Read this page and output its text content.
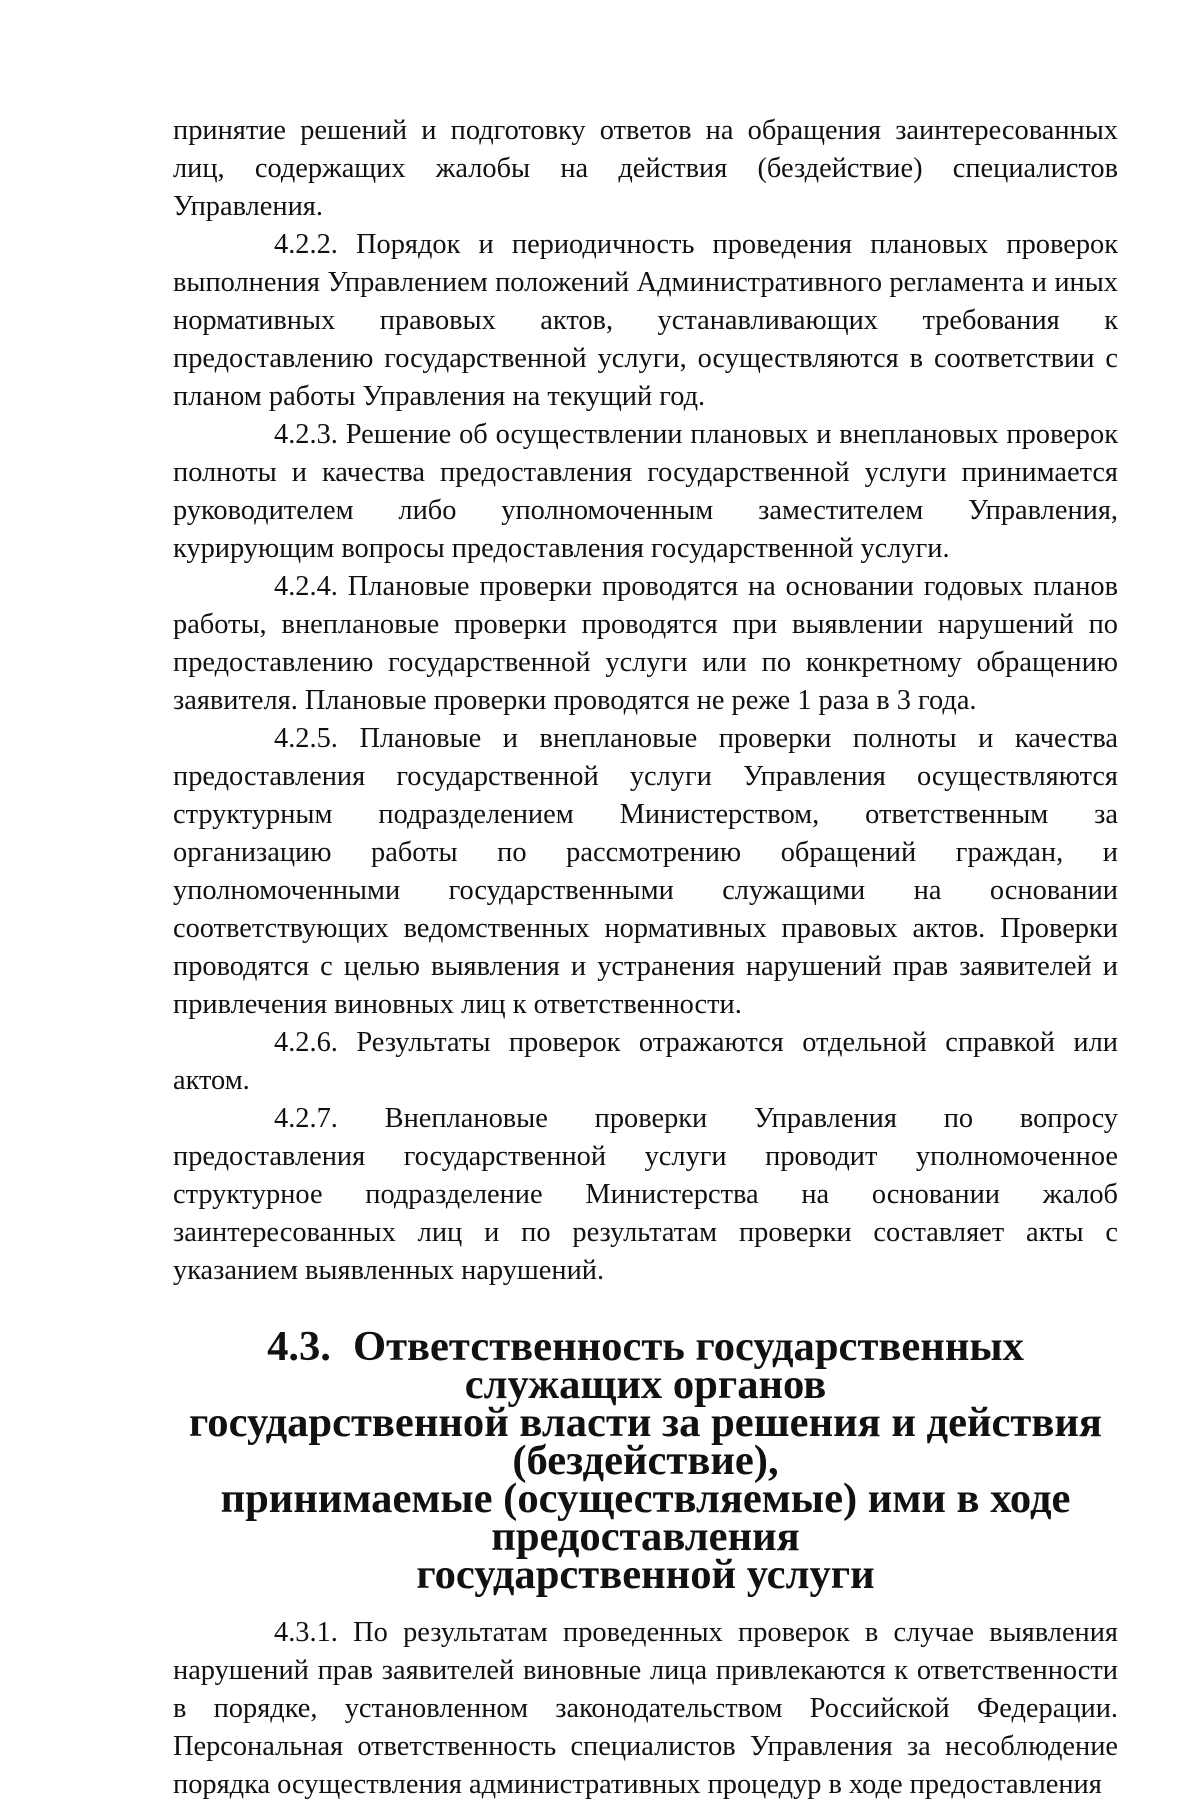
принятие решений и подготовку ответов на обращения заинтересованных лиц, содержащих жалобы на действия (бездействие) специалистов Управления.

4.2.2. Порядок и периодичность проведения плановых проверок выполнения Управлением положений Административного регламента и иных нормативных правовых актов, устанавливающих требования к предоставлению государственной услуги, осуществляются в соответствии с планом работы Управления на текущий год.

4.2.3. Решение об осуществлении плановых и внеплановых проверок полноты и качества предоставления государственной услуги принимается руководителем либо уполномоченным заместителем Управления, курирующим вопросы предоставления государственной услуги.

4.2.4. Плановые проверки проводятся на основании годовых планов работы, внеплановые проверки проводятся при выявлении нарушений по предоставлению государственной услуги или по конкретному обращению заявителя. Плановые проверки проводятся не реже 1 раза в 3 года.

4.2.5. Плановые и внеплановые проверки полноты и качества предоставления государственной услуги Управления осуществляются структурным подразделением Министерством, ответственным за организацию работы по рассмотрению обращений граждан, и уполномоченными государственными служащими на основании соответствующих ведомственных нормативных правовых актов. Проверки проводятся с целью выявления и устранения нарушений прав заявителей и привлечения виновных лиц к ответственности.

4.2.6. Результаты проверок отражаются отдельной справкой или актом.

4.2.7. Внеплановые проверки Управления по вопросу предоставления государственной услуги проводит уполномоченное структурное подразделение Министерства на основании жалоб заинтересованных лиц и по результатам проверки составляет акты с указанием выявленных нарушений.

4.3. Ответственность государственных служащих органов
государственной власти за решения и действия (бездействие),
принимаемые (осуществляемые) ими в ходе предоставления
государственной услуги

4.3.1. По результатам проведенных проверок в случае выявления нарушений прав заявителей виновные лица привлекаются к ответственности в порядке, установленном законодательством Российской Федерации. Персональная ответственность специалистов Управления за несоблюдение порядка осуществления административных процедур в ходе предоставления
